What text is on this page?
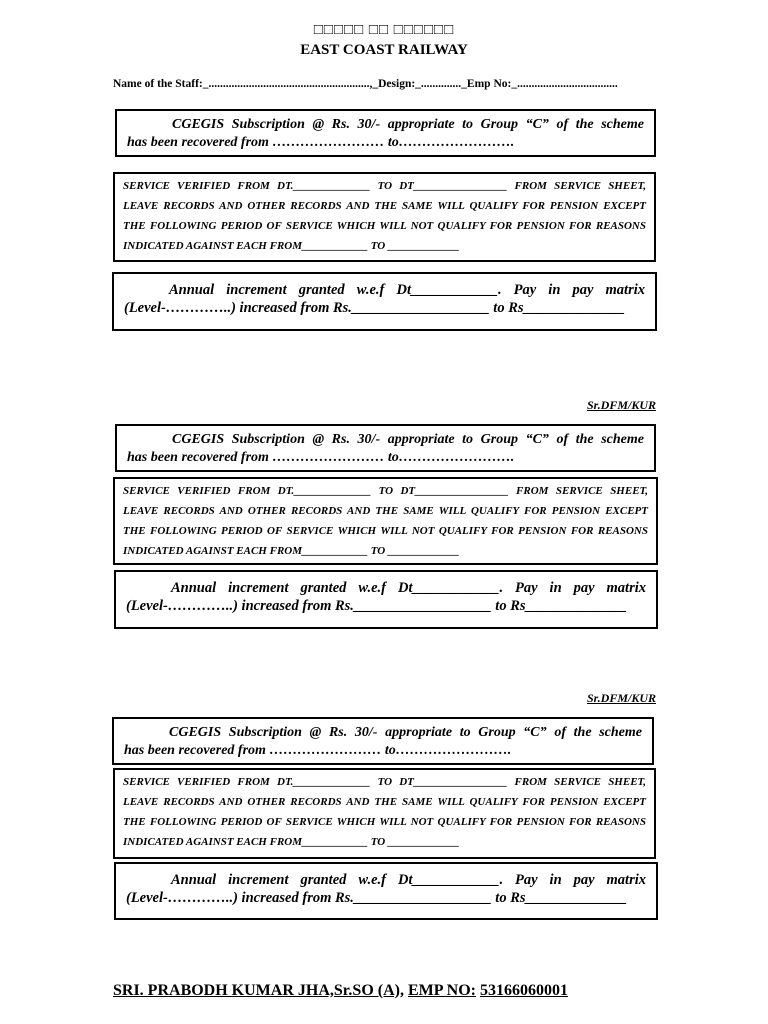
□□□□□ □□ □□□□□□
EAST COAST RAILWAY
Name of the Staff:_........................................................,_Design:_.............._Emp No:_...................................

CGEGIS Subscription @ Rs. 30/- appropriate to Group “C” of the scheme

has been recovered from …………………… to…………………….

SERVICE VERIFIED FROM DT.______________ TO DT_________________ FROM SERVICE SHEET,

LEAVE RECORDS AND OTHER RECORDS AND THE SAME WILL QUALIFY FOR PENSION EXCEPT

THE FOLLOWING PERIOD OF SERVICE WHICH WILL NOT QUALIFY FOR PENSION FOR REASONS

INDICATED AGAINST EACH FROM____________ TO _____________

Annual increment granted w.e.f Dt____________. Pay in pay matrix

(Level-…………..) increased from Rs.___________________ to Rs______________

Sr.DFM/KUR

CGEGIS Subscription @ Rs. 30/- appropriate to Group “C” of the scheme

has been recovered from …………………… to…………………….

SERVICE VERIFIED FROM DT.______________ TO DT_________________ FROM SERVICE SHEET,

LEAVE RECORDS AND OTHER RECORDS AND THE SAME WILL QUALIFY FOR PENSION EXCEPT

THE FOLLOWING PERIOD OF SERVICE WHICH WILL NOT QUALIFY FOR PENSION FOR REASONS

INDICATED AGAINST EACH FROM____________ TO _____________

Annual increment granted w.e.f Dt____________. Pay in pay matrix

(Level-…………..) increased from Rs.___________________ to Rs______________

Sr.DFM/KUR

CGEGIS Subscription @ Rs. 30/- appropriate to Group “C” of the scheme

has been recovered from …………………… to…………………….

SERVICE VERIFIED FROM DT.______________ TO DT_________________ FROM SERVICE SHEET,

LEAVE RECORDS AND OTHER RECORDS AND THE SAME WILL QUALIFY FOR PENSION EXCEPT

THE FOLLOWING PERIOD OF SERVICE WHICH WILL NOT QUALIFY FOR PENSION FOR REASONS

INDICATED AGAINST EACH FROM____________ TO _____________

Annual increment granted w.e.f Dt____________. Pay in pay matrix

(Level-…………..) increased from Rs.___________________ to Rs______________

SRI. PRABODH KUMAR JHA,Sr.SO (A), EMP NO: 53166060001
